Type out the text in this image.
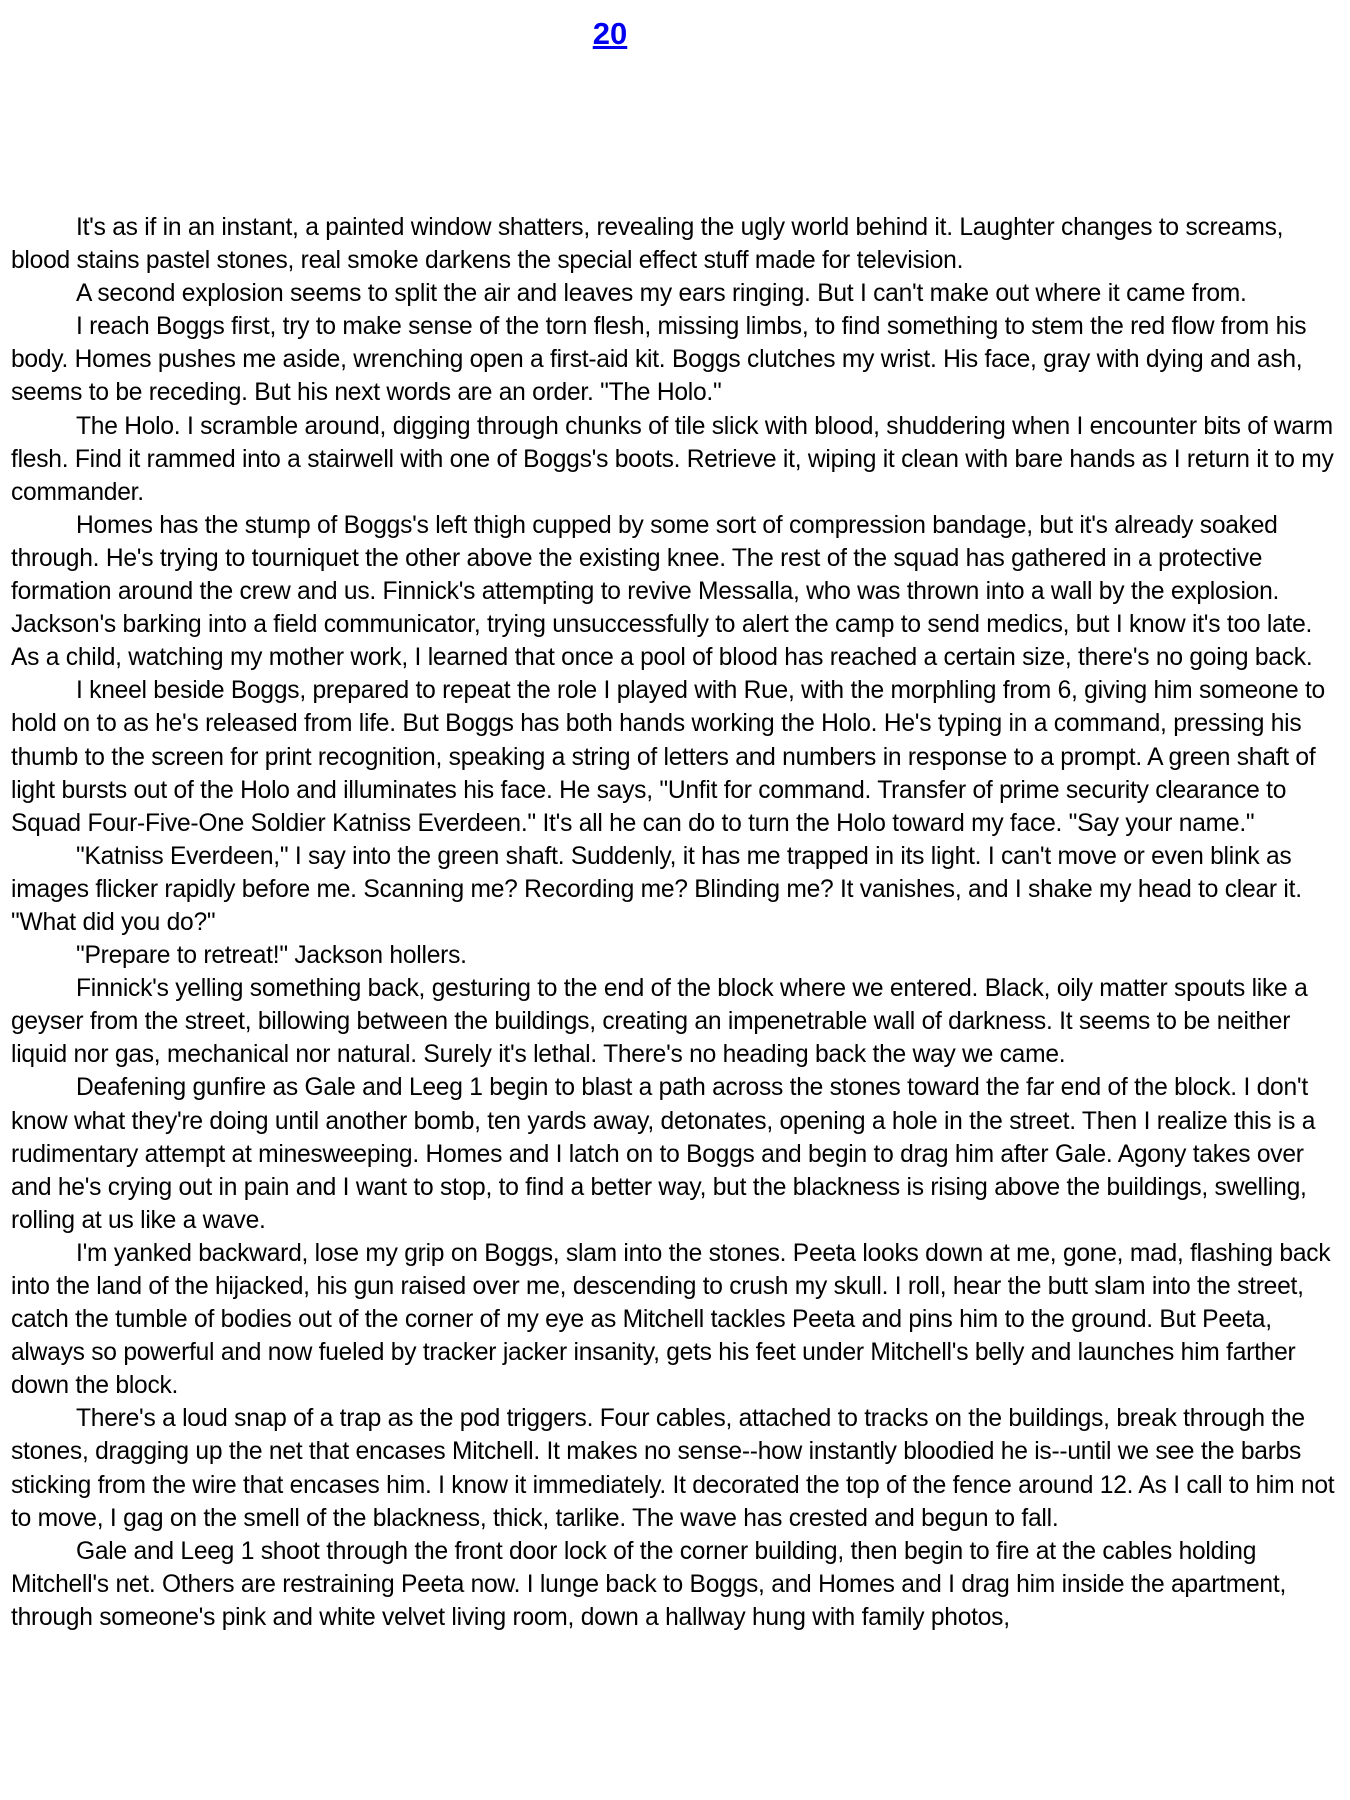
20

It's as if in an instant, a painted window shatters, revealing the ugly world behind it. Laughter changes to screams, blood stains pastel stones, real smoke darkens the special effect stuff made for television.

A second explosion seems to split the air and leaves my ears ringing. But I can't make out where it came from.

I reach Boggs first, try to make sense of the torn flesh, missing limbs, to find something to stem the red flow from his body. Homes pushes me aside, wrenching open a first-aid kit. Boggs clutches my wrist. His face, gray with dying and ash, seems to be receding. But his next words are an order. "The Holo."

The Holo. I scramble around, digging through chunks of tile slick with blood, shuddering when I encounter bits of warm flesh. Find it rammed into a stairwell with one of Boggs's boots. Retrieve it, wiping it clean with bare hands as I return it to my commander.

Homes has the stump of Boggs's left thigh cupped by some sort of compression bandage, but it's already soaked through. He's trying to tourniquet the other above the existing knee. The rest of the squad has gathered in a protective formation around the crew and us. Finnick's attempting to revive Messalla, who was thrown into a wall by the explosion. Jackson's barking into a field communicator, trying unsuccessfully to alert the camp to send medics, but I know it's too late. As a child, watching my mother work, I learned that once a pool of blood has reached a certain size, there's no going back.

I kneel beside Boggs, prepared to repeat the role I played with Rue, with the morphling from 6, giving him someone to hold on to as he's released from life. But Boggs has both hands working the Holo. He's typing in a command, pressing his thumb to the screen for print recognition, speaking a string of letters and numbers in response to a prompt. A green shaft of light bursts out of the Holo and illuminates his face. He says, "Unfit for command. Transfer of prime security clearance to Squad Four-Five-One Soldier Katniss Everdeen." It's all he can do to turn the Holo toward my face. "Say your name."

"Katniss Everdeen," I say into the green shaft. Suddenly, it has me trapped in its light. I can't move or even blink as images flicker rapidly before me. Scanning me? Recording me? Blinding me? It vanishes, and I shake my head to clear it. "What did you do?"

"Prepare to retreat!" Jackson hollers.

Finnick's yelling something back, gesturing to the end of the block where we entered. Black, oily matter spouts like a geyser from the street, billowing between the buildings, creating an impenetrable wall of darkness. It seems to be neither liquid nor gas, mechanical nor natural. Surely it's lethal. There's no heading back the way we came.

Deafening gunfire as Gale and Leeg 1 begin to blast a path across the stones toward the far end of the block. I don't know what they're doing until another bomb, ten yards away, detonates, opening a hole in the street. Then I realize this is a rudimentary attempt at minesweeping. Homes and I latch on to Boggs and begin to drag him after Gale. Agony takes over and he's crying out in pain and I want to stop, to find a better way, but the blackness is rising above the buildings, swelling, rolling at us like a wave.

I'm yanked backward, lose my grip on Boggs, slam into the stones. Peeta looks down at me, gone, mad, flashing back into the land of the hijacked, his gun raised over me, descending to crush my skull. I roll, hear the butt slam into the street, catch the tumble of bodies out of the corner of my eye as Mitchell tackles Peeta and pins him to the ground. But Peeta, always so powerful and now fueled by tracker jacker insanity, gets his feet under Mitchell's belly and launches him farther down the block.

There's a loud snap of a trap as the pod triggers. Four cables, attached to tracks on the buildings, break through the stones, dragging up the net that encases Mitchell. It makes no sense--how instantly bloodied he is--until we see the barbs sticking from the wire that encases him. I know it immediately. It decorated the top of the fence around 12. As I call to him not to move, I gag on the smell of the blackness, thick, tarlike. The wave has crested and begun to fall.

Gale and Leeg 1 shoot through the front door lock of the corner building, then begin to fire at the cables holding Mitchell's net. Others are restraining Peeta now. I lunge back to Boggs, and Homes and I drag him inside the apartment, through someone's pink and white velvet living room, down a hallway hung with family photos,
